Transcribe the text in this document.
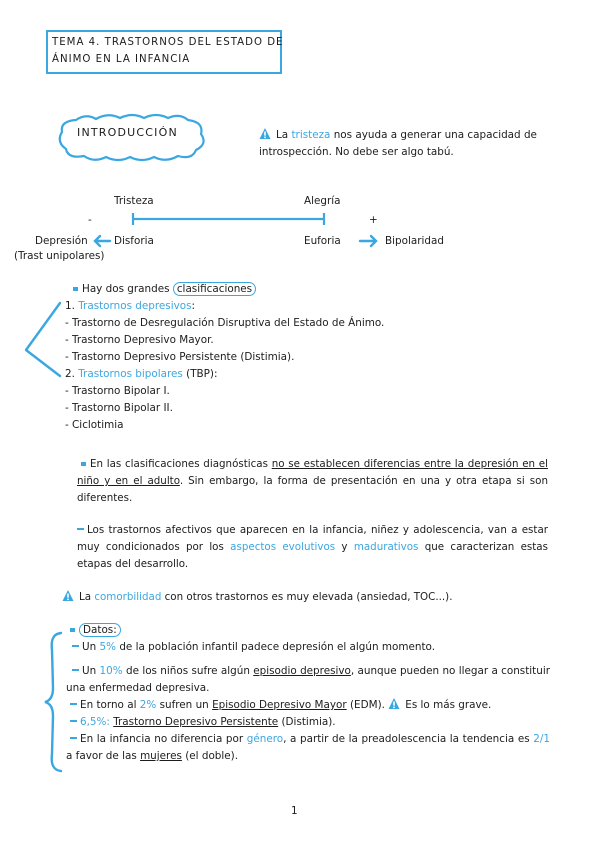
TEMA 4. TRASTORNOS DEL ESTADO DE
ÁNIMO EN LA INFANCIA
INTRODUCCIÓN	La tristeza nos ayuda a generar una capacidad de
introspección. No debe ser algo tabú.
Tristeza	Alegría
-	+
Depresión
(Trast unipolares)
Disforia	Euforia	Bipolaridad
Hay dos grandes clasificaciones
1. Trastornos depresivos:
- Trastorno de Desregulación Disruptiva del Estado de Ánimo.
- Trastorno Depresivo Mayor.
- Trastorno Depresivo Persistente (Distimia).
2. Trastornos bipolares (TBP):
- Trastorno Bipolar I.
- Trastorno Bipolar II.
- Ciclotimia
En las clasificaciones diagnósticas no se establecen diferencias entre la depresión en el niño y en el adulto. Sin embargo, la forma de presentación en una y otra etapa si son diferentes.
Los trastornos afectivos que aparecen en la infancia, niñez y adolescencia, van a estar muy condicionados por los aspectos evolutivos y madurativos que caracterizan estas etapas del desarrollo.
La comorbilidad con otros trastornos es muy elevada (ansiedad, TOC...).
Datos:
Un 5% de la población infantil padece depresión el algún momento.
Un 10% de los niños sufre algún episodio depresivo, aunque pueden no llegar a constituir una enfermedad depresiva.
En torno al 2% sufren un Episodio Depresivo Mayor (EDM). Es lo más grave.
6,5%: Trastorno Depresivo Persistente (Distimia).
En la infancia no diferencia por género, a partir de la preadolescencia la tendencia es 2/1 a favor de las mujeres (el doble).
1
